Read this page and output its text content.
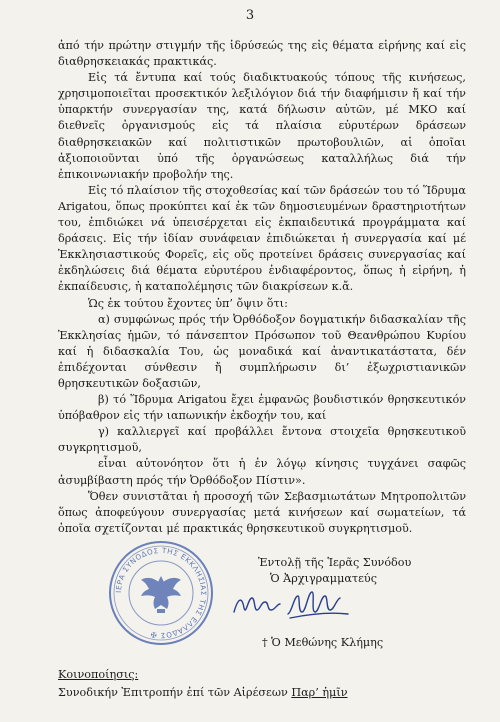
3

ἀπό τήν πρώτην στιγμήν τῆς ἱδρύσεώς της εἰς θέματα εἰρήνης καί εἰς διαθρησκειακάς πρακτικάς.

Εἰς τά ἔντυπα καί τούς διαδικτυακούς τόπους τῆς κινήσεως, χρησιμοποιεῖται προσεκτικόν λεξιλόγιον διά τήν διαφήμισιν ἤ καί τήν ὑπαρκτήν συνεργασίαν της, κατά δήλωσιν αὐτῶν, μέ ΜΚΟ καί διεθνεῖς ὀργανισμούς εἰς τά πλαίσια εὐρυτέρων δράσεων διαθρησκειακῶν καί πολιτιστικῶν πρωτοβουλιῶν, αἱ ὁποῖαι ἀξιοποιοῦνται ὑπό τῆς ὀργανώσεως καταλλήλως διά τήν ἐπικοινωνιακήν προβολήν της.

Εἰς τό πλαίσιον τῆς στοχοθεσίας καί τῶν δράσεών του τό Ἵδρυμα Arigatou, ὅπως προκύπτει καί ἐκ τῶν δημοσιευμένων δραστηριοτήτων του, ἐπιδιώκει νά ὑπεισέρχεται εἰς ἐκπαιδευτικά προγράμματα καί δράσεις. Εἰς τήν ἰδίαν συνάφειαν ἐπιδιώκεται ἡ συνεργασία καί μέ Ἐκκλησιαστικούς Φορεῖς, εἰς οὕς προτείνει δράσεις συνεργασίας καί ἐκδηλώσεις διά θέματα εὐρυτέρου ἐνδιαφέροντος, ὅπως ἡ εἰρήνη, ἡ ἐκπαίδευσις, ἡ καταπολέμησις τῶν διακρίσεων κ.ἄ.

Ὡς ἐκ τούτου ἔχοντες ὑπ’ ὄψιν ὅτι:

α) συμφώνως πρός τήν Ὀρθόδοξον δογματικήν διδασκαλίαν τῆς Ἐκκλησίας ἡμῶν, τό πάνσεπτον Πρόσωπον τοῦ Θεανθρώπου Κυρίου καί ἡ διδασκαλία Του, ὡς μοναδικά καί ἀναντικατάστατα, δέν ἐπιδέχονται σύνθεσιν ἤ συμπλήρωσιν δι’ ἐξωχριστιανικῶν θρησκευτικῶν δοξασιῶν,

β) τό Ἵδρυμα Arigatou ἔχει ἐμφανῶς βουδιστικόν θρησκευτικόν ὑπόβαθρον εἰς τήν ιαπωνικήν ἐκδοχήν του, καί

γ) καλλιεργεῖ καί προβάλλει ἔντονα στοιχεῖα θρησκευτικοῦ συγκρητισμοῦ,

εἶναι αὐτονόητον ὅτι ἡ ἐν λόγῳ κίνησις τυγχάνει σαφῶς ἀσυμβίβαστη πρός τήν Ὀρθόδοξον Πίστιν».

Ὅθεν συνιστᾶται ἡ προσοχή τῶν Σεβασμιωτάτων Μητροπολιτῶν ὅπως ἀποφεύγουν συνεργασίας μετά κινήσεων καί σωματείων, τά ὁποῖα σχετίζονται μέ πρακτικάς θρησκευτικοῦ συγκρητισμοῦ.

Ἐντολῇ τῆς Ἱερᾶς Συνόδου
Ὁ Ἀρχιγραμματεύς
ΙΕΡΑ ΣΥΝΟΔΟΣ ΤΗΣ ΕΚΚΛΗΣΙΑΣ ΤΗΣ ΕΛΛΑΔΟΣ ✠
† Ὁ Μεθώνης Κλήμης
Κοινοποίησις:
Συνοδικήν Ἐπιτροπήν ἐπί τῶν Αἱρέσεων Παρ’ ἡμῖν
